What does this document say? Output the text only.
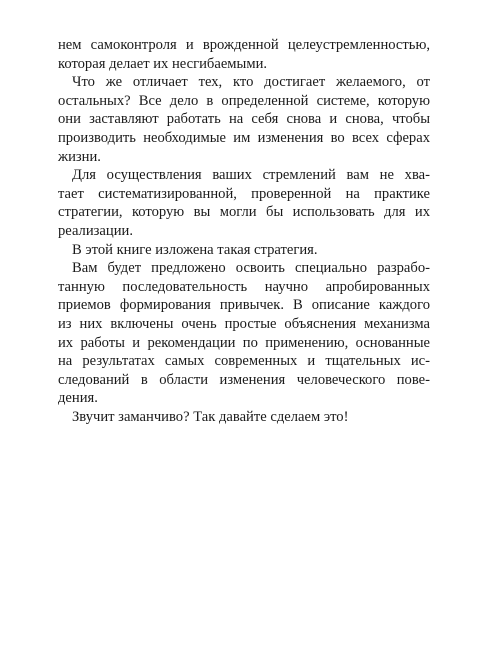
нем самоконтроля и врожденной целеустремленностью,
которая делает их несгибаемыми.
Что же отличает тех, кто достигает желаемого, от
остальных? Все дело в определенной системе, которую
они заставляют работать на себя снова и снова, чтобы
производить необходимые им изменения во всех сферах
жизни.
Для осуществления ваших стремлений вам не хва-
тает систематизированной, проверенной на практике
стратегии, которую вы могли бы использовать для их
реализации.
В этой книге изложена такая стратегия.
Вам будет предложено освоить специально разрабо-
танную последовательность научно апробированных
приемов формирования привычек. В описание каждого
из них включены очень простые объяснения механизма
их работы и рекомендации по применению, основанные
на результатах самых современных и тщательных ис-
следований в области изменения человеческого пове-
дения.
Звучит заманчиво? Так давайте сделаем это!
